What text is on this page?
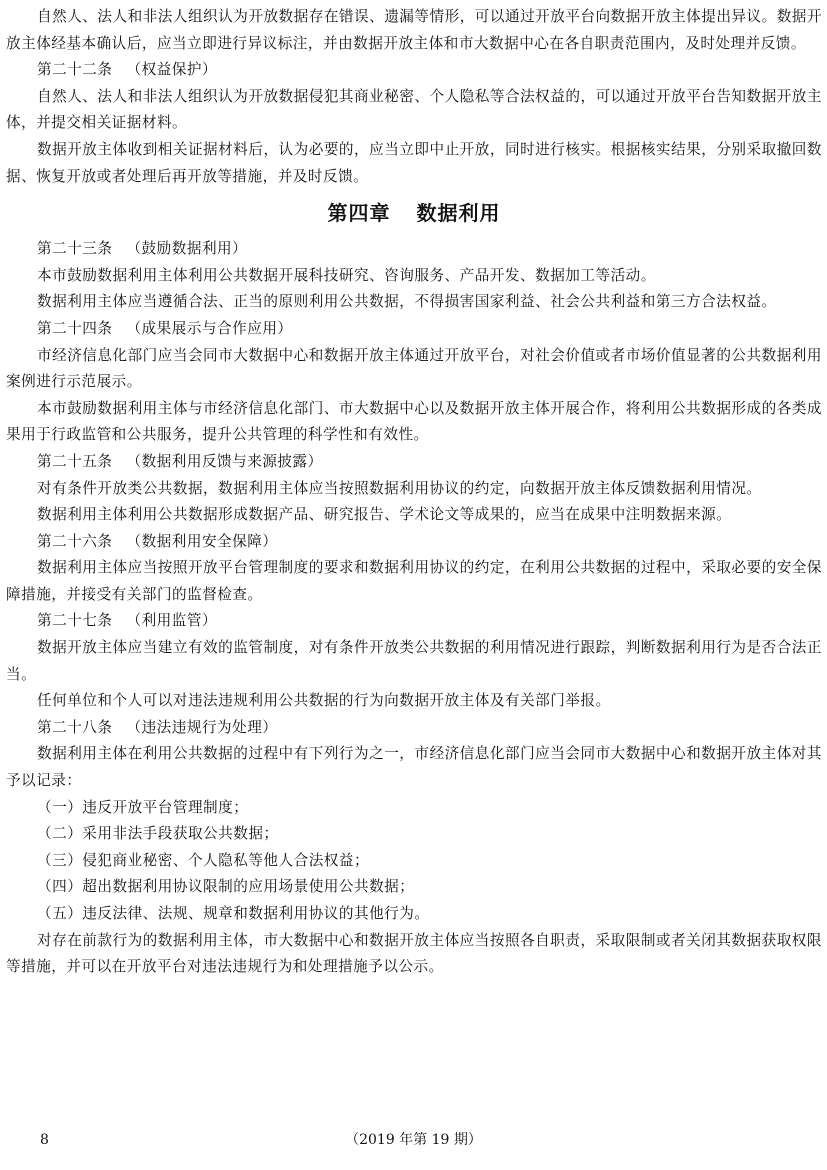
自然人、法人和非法人组织认为开放数据存在错误、遗漏等情形，可以通过开放平台向数据开放主体提出异议。数据开放主体经基本确认后，应当立即进行异议标注，并由数据开放主体和市大数据中心在各自职责范围内，及时处理并反馈。

第二十二条 （权益保护）

自然人、法人和非法人组织认为开放数据侵犯其商业秘密、个人隐私等合法权益的，可以通过开放平台告知数据开放主体，并提交相关证据材料。

数据开放主体收到相关证据材料后，认为必要的，应当立即中止开放，同时进行核实。根据核实结果，分别采取撤回数据、恢复开放或者处理后再开放等措施，并及时反馈。

第四章 数据利用

第二十三条 （鼓励数据利用）

本市鼓励数据利用主体利用公共数据开展科技研究、咨询服务、产品开发、数据加工等活动。

数据利用主体应当遵循合法、正当的原则利用公共数据，不得损害国家利益、社会公共利益和第三方合法权益。

第二十四条 （成果展示与合作应用）

市经济信息化部门应当会同市大数据中心和数据开放主体通过开放平台，对社会价值或者市场价值显著的公共数据利用案例进行示范展示。

本市鼓励数据利用主体与市经济信息化部门、市大数据中心以及数据开放主体开展合作，将利用公共数据形成的各类成果用于行政监管和公共服务，提升公共管理的科学性和有效性。

第二十五条 （数据利用反馈与来源披露）

对有条件开放类公共数据，数据利用主体应当按照数据利用协议的约定，向数据开放主体反馈数据利用情况。

数据利用主体利用公共数据形成数据产品、研究报告、学术论文等成果的，应当在成果中注明数据来源。

第二十六条 （数据利用安全保障）

数据利用主体应当按照开放平台管理制度的要求和数据利用协议的约定，在利用公共数据的过程中，采取必要的安全保障措施，并接受有关部门的监督检查。

第二十七条 （利用监管）

数据开放主体应当建立有效的监管制度，对有条件开放类公共数据的利用情况进行跟踪，判断数据利用行为是否合法正当。

任何单位和个人可以对违法违规利用公共数据的行为向数据开放主体及有关部门举报。

第二十八条 （违法违规行为处理）

数据利用主体在利用公共数据的过程中有下列行为之一，市经济信息化部门应当会同市大数据中心和数据开放主体对其予以记录：

（一）违反开放平台管理制度；

（二）采用非法手段获取公共数据；

（三）侵犯商业秘密、个人隐私等他人合法权益；

（四）超出数据利用协议限制的应用场景使用公共数据；

（五）违反法律、法规、规章和数据利用协议的其他行为。

对存在前款行为的数据利用主体，市大数据中心和数据开放主体应当按照各自职责，采取限制或者关闭其数据获取权限等措施，并可以在开放平台对违法违规行为和处理措施予以公示。

8	（2019 年第 19 期）
